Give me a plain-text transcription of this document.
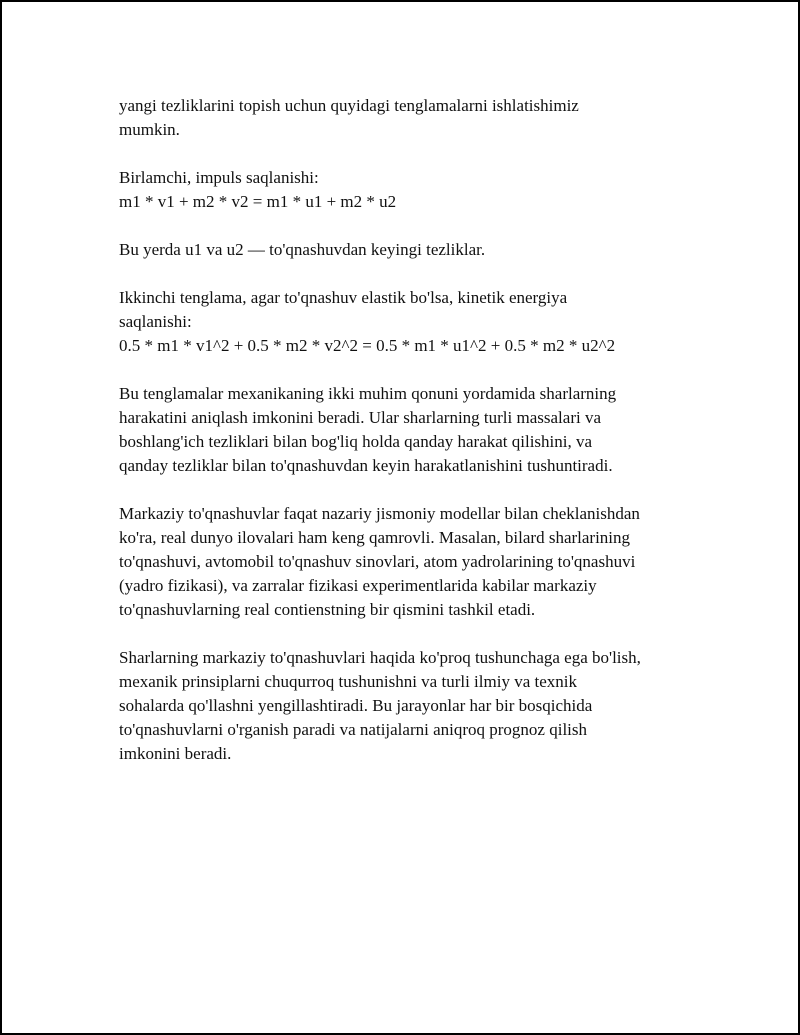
yangi tezliklarini topish uchun quyidagi tenglamalarni ishlatishimiz
mumkin.

Birlamchi, impuls saqlanishi:
m1 * v1 + m2 * v2 = m1 * u1 + m2 * u2

Bu yerda u1 va u2 — to'qnashuvdan keyingi tezliklar.

Ikkinchi tenglama, agar to'qnashuv elastik bo'lsa, kinetik energiya
saqlanishi:
0.5 * m1 * v1^2 + 0.5 * m2 * v2^2 = 0.5 * m1 * u1^2 + 0.5 * m2 * u2^2

Bu tenglamalar mexanikaning ikki muhim qonuni yordamida sharlarning
harakatini aniqlash imkonini beradi. Ular sharlarning turli massalari va
boshlang'ich tezliklari bilan bog'liq holda qanday harakat qilishini, va
qanday tezliklar bilan to'qnashuvdan keyin harakatlanishini tushuntiradi.

Markaziy to'qnashuvlar faqat nazariy jismoniy modellar bilan cheklanishdan
ko'ra, real dunyo ilovalari ham keng qamrovli. Masalan, bilard sharlarining
to'qnashuvi, avtomobil to'qnashuv sinovlari, atom yadrolarining to'qnashuvi
(yadro fizikasi), va zarralar fizikasi experimentlarida kabilar markaziy
to'qnashuvlarning real contienstning bir qismini tashkil etadi.

Sharlarning markaziy to'qnashuvlari haqida ko'proq tushunchaga ega bo'lish,
mexanik prinsiplarni chuqurroq tushunishni va turli ilmiy va texnik
sohalarda qo'llashni yengillashtiradi. Bu jarayonlar har bir bosqichida
to'qnashuvlarni o'rganish paradi va natijalarni aniqroq prognoz qilish
imkonini beradi.
